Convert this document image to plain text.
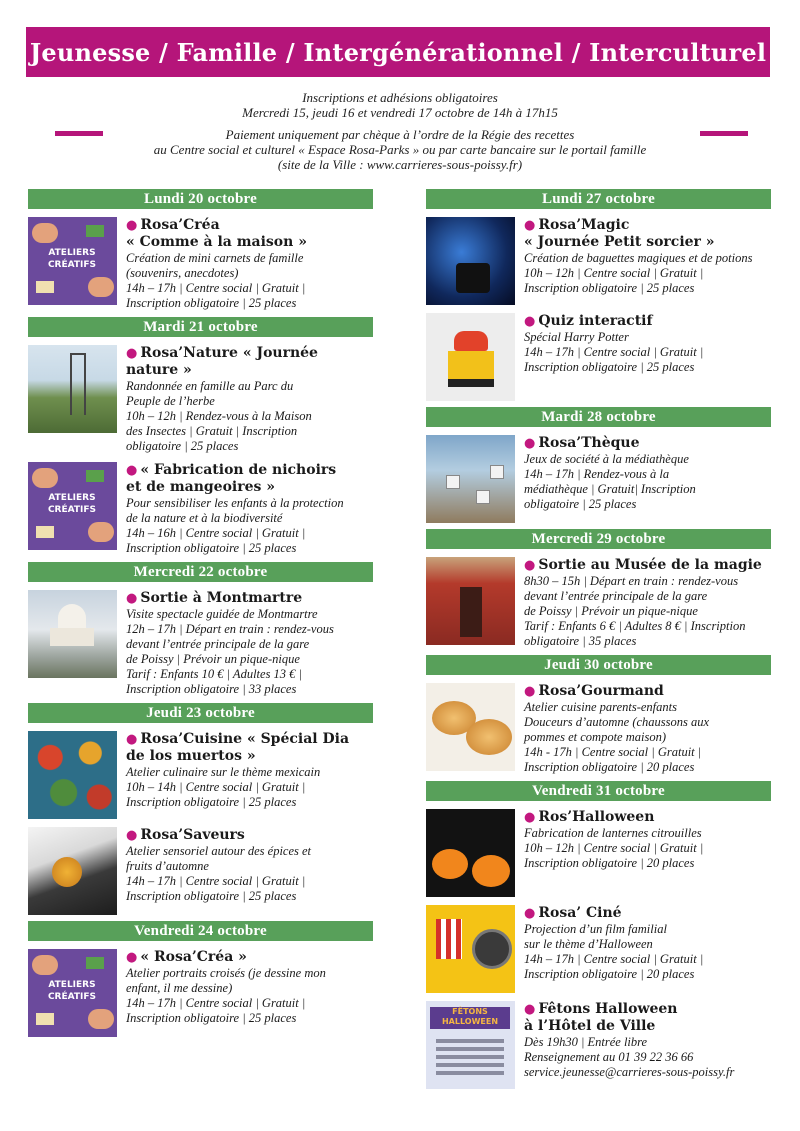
Jeunesse / Famille / Intergénérationnel / Interculturel
Inscriptions et adhésions obligatoires
Mercredi 15, jeudi 16 et vendredi 17 octobre de 14h à 17h15
Paiement uniquement par chèque à l’ordre de la Régie des recettes
au Centre social et culturel « Espace Rosa-Parks » ou par carte bancaire sur le portail famille
(site de la Ville : www.carrieres-sous-poissy.fr)
Lundi 20 octobre
ATELIERS CRÉATIFS
● Rosa’Créa
« Comme à la maison »
Création de mini carnets de famille
(souvenirs, anecdotes)
14h – 17h | Centre social | Gratuit |
Inscription obligatoire | 25 places
Mardi 21 octobre
● Rosa’Nature « Journée nature »
Randonnée en famille au Parc du
Peuple de l’herbe
10h – 12h | Rendez-vous à la Maison
des Insectes | Gratuit | Inscription
obligatoire | 25 places
ATELIERS CRÉATIFS
● « Fabrication de nichoirs
et de mangeoires »
Pour sensibiliser les enfants à la protection
de la nature et à la biodiversité
14h – 16h | Centre social | Gratuit |
Inscription obligatoire | 25 places
Mercredi 22 octobre
● Sortie à Montmartre
Visite spectacle guidée de Montmartre
12h – 17h | Départ en train : rendez-vous
devant l’entrée principale de la gare
de Poissy | Prévoir un pique-nique
Tarif : Enfants 10 € | Adultes 13 € |
Inscription obligatoire | 33 places
Jeudi 23 octobre
● Rosa’Cuisine « Spécial Dia
de los muertos »
Atelier culinaire sur le thème mexicain
10h – 14h | Centre social | Gratuit |
Inscription obligatoire | 25 places
● Rosa’Saveurs
Atelier sensoriel autour des épices et
fruits d’automne
14h – 17h | Centre social | Gratuit |
Inscription obligatoire | 25 places
Vendredi 24 octobre
ATELIERS CRÉATIFS
● « Rosa’Créa »
Atelier portraits croisés (je dessine mon
enfant, il me dessine)
14h – 17h | Centre social | Gratuit |
Inscription obligatoire | 25 places
Lundi 27 octobre
● Rosa’Magic
« Journée Petit sorcier »
Création de baguettes magiques et de potions
10h – 12h | Centre social | Gratuit |
Inscription obligatoire | 25 places
● Quiz interactif
Spécial Harry Potter
14h – 17h | Centre social | Gratuit |
Inscription obligatoire | 25 places
Mardi 28 octobre
● Rosa’Thèque
Jeux de société à la médiathèque
14h – 17h | Rendez-vous à la
médiathèque | Gratuit| Inscription
obligatoire | 25 places
Mercredi 29 octobre
● Sortie au Musée de la magie
8h30 – 15h | Départ en train : rendez-vous
devant l’entrée principale de la gare
de Poissy | Prévoir un pique-nique
Tarif : Enfants 6 € | Adultes 8 € | Inscription
obligatoire | 35 places
Jeudi 30 octobre
● Rosa’Gourmand
Atelier cuisine parents-enfants
Douceurs d’automne (chaussons aux
pommes et compote maison)
14h - 17h | Centre social | Gratuit |
Inscription obligatoire | 20 places
Vendredi 31 octobre
● Ros’Halloween
Fabrication de lanternes citrouilles
10h – 12h | Centre social | Gratuit |
Inscription obligatoire | 20 places
● Rosa’ Ciné
Projection d’un film familial
sur le thème d’Halloween
14h – 17h | Centre social | Gratuit |
Inscription obligatoire | 20 places
FÊTONS HALLOWEEN
● Fêtons Halloween
à l’Hôtel de Ville
Dès 19h30 | Entrée libre
Renseignement au 01 39 22 36 66
service.jeunesse@carrieres-sous-poissy.fr
